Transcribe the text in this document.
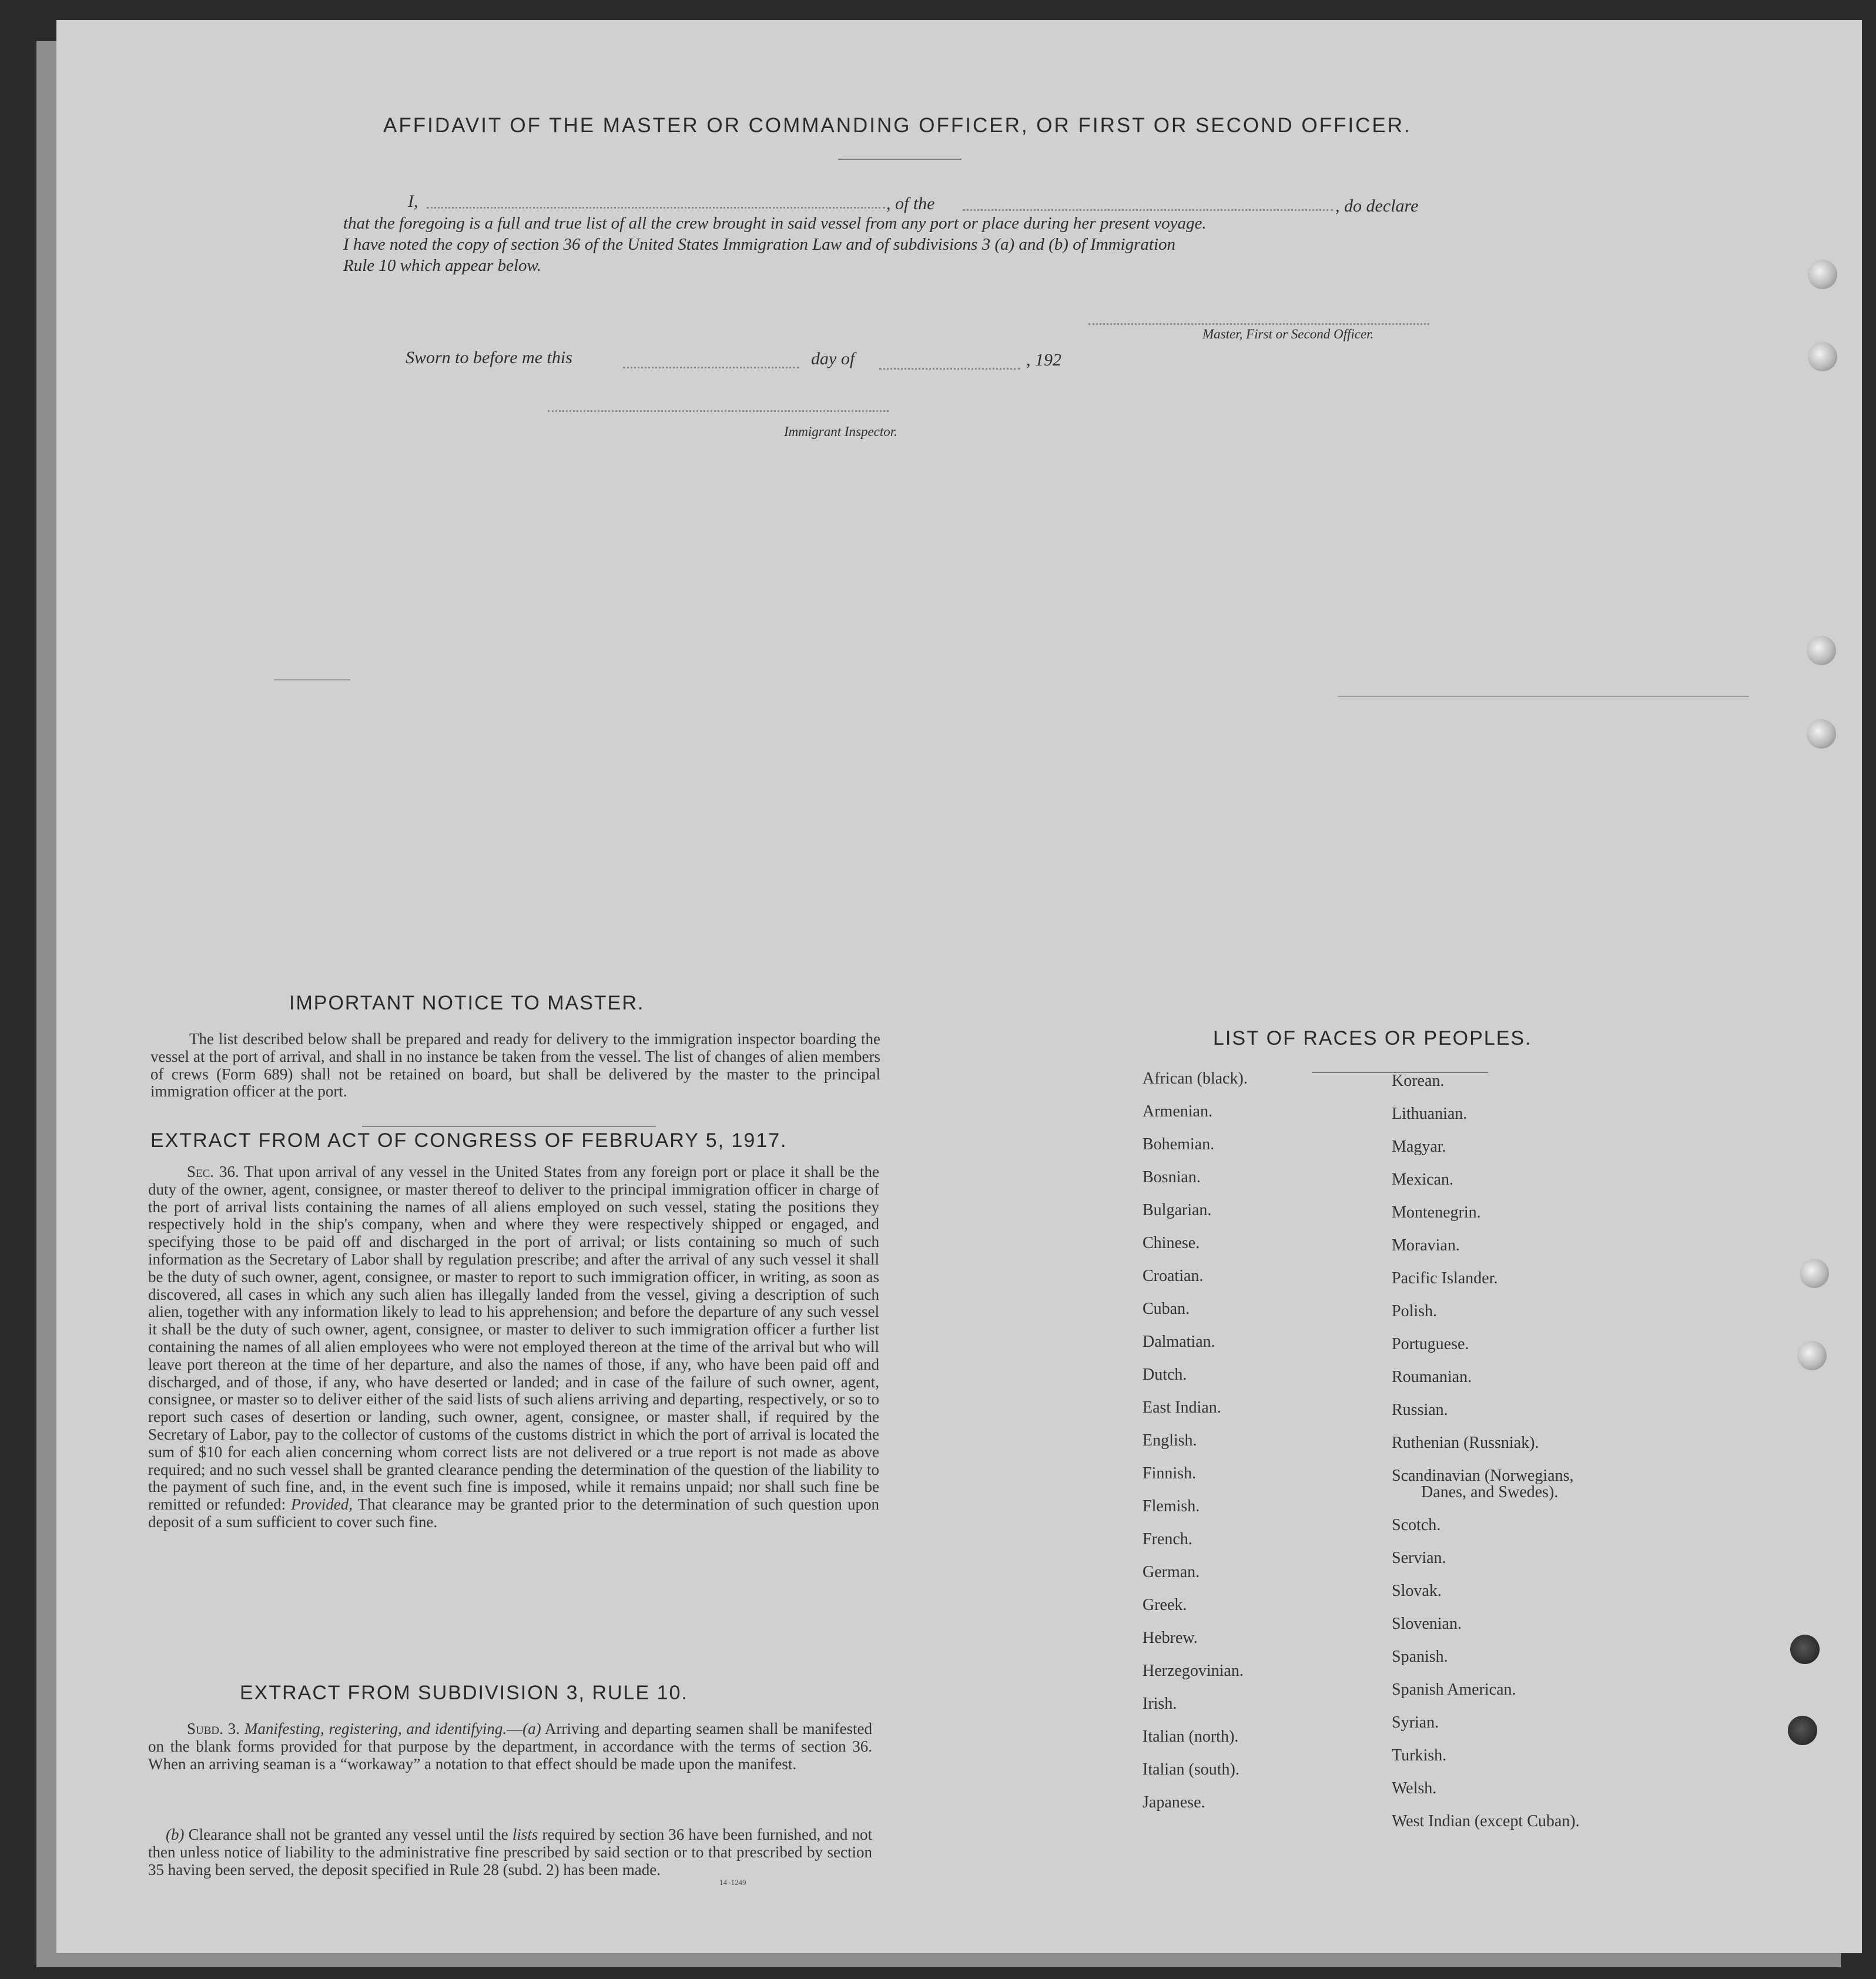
AFFIDAVIT OF THE MASTER OR COMMANDING OFFICER, OR FIRST OR SECOND OFFICER.
I,	, of the	, do declare
that the foregoing is a full and true list of all the crew brought in said vessel from any port or place during her present voyage.
I have noted the copy of section 36 of the United States Immigration Law and of subdivisions 3 (a) and (b) of Immigration
Rule 10 which appear below.
Master, First or Second Officer.
Sworn to before me this	day of	, 192
Immigrant Inspector.
IMPORTANT NOTICE TO MASTER.
The list described below shall be prepared and ready for delivery to the immigration inspector boarding the vessel at the port of arrival, and shall in no instance be taken from the vessel. The list of changes of alien members of crews (Form 689) shall not be retained on board, but shall be delivered by the master to the principal immigration officer at the port.
EXTRACT FROM ACT OF CONGRESS OF FEBRUARY 5, 1917.
Sec. 36. That upon arrival of any vessel in the United States from any foreign port or place it shall be the duty of the owner, agent, consignee, or master thereof to deliver to the principal immigration officer in charge of the port of arrival lists containing the names of all aliens employed on such vessel, stating the positions they respectively hold in the ship's company, when and where they were respectively shipped or engaged, and specifying those to be paid off and discharged in the port of arrival; or lists containing so much of such information as the Secretary of Labor shall by regulation prescribe; and after the arrival of any such vessel it shall be the duty of such owner, agent, consignee, or master to report to such immigration officer, in writing, as soon as discovered, all cases in which any such alien has illegally landed from the vessel, giving a description of such alien, together with any information likely to lead to his apprehension; and before the departure of any such vessel it shall be the duty of such owner, agent, consignee, or master to deliver to such immigration officer a further list containing the names of all alien employees who were not employed thereon at the time of the arrival but who will leave port thereon at the time of her departure, and also the names of those, if any, who have been paid off and discharged, and of those, if any, who have deserted or landed; and in case of the failure of such owner, agent, consignee, or master so to deliver either of the said lists of such aliens arriving and departing, respectively, or so to report such cases of desertion or landing, such owner, agent, consignee, or master shall, if required by the Secretary of Labor, pay to the collector of customs of the customs district in which the port of arrival is located the sum of $10 for each alien concerning whom correct lists are not delivered or a true report is not made as above required; and no such vessel shall be granted clearance pending the determination of the question of the liability to the payment of such fine, and, in the event such fine is imposed, while it remains unpaid; nor shall such fine be remitted or refunded: Provided, That clearance may be granted prior to the determination of such question upon deposit of a sum sufficient to cover such fine.
EXTRACT FROM SUBDIVISION 3, RULE 10.
Subd. 3. Manifesting, registering, and identifying.—(a) Arriving and departing seamen shall be manifested on the blank forms provided for that purpose by the department, in accordance with the terms of section 36. When an arriving seaman is a “workaway” a notation to that effect should be made upon the manifest.
(b) Clearance shall not be granted any vessel until the lists required by section 36 have been furnished, and not then unless notice of liability to the administrative fine prescribed by said section or to that prescribed by section 35 having been served, the deposit specified in Rule 28 (subd. 2) has been made.
14–1249
LIST OF RACES OR PEOPLES.
African (black).
Armenian.
Bohemian.
Bosnian.
Bulgarian.
Chinese.
Croatian.
Cuban.
Dalmatian.
Dutch.
East Indian.
English.
Finnish.
Flemish.
French.
German.
Greek.
Hebrew.
Herzegovinian.
Irish.
Italian (north).
Italian (south).
Japanese.
Korean.
Lithuanian.
Magyar.
Mexican.
Montenegrin.
Moravian.
Pacific Islander.
Polish.
Portuguese.
Roumanian.
Russian.
Ruthenian (Russniak).
Scandinavian (Norwegians,
Danes, and Swedes).
Scotch.
Servian.
Slovak.
Slovenian.
Spanish.
Spanish American.
Syrian.
Turkish.
Welsh.
West Indian (except Cuban).
